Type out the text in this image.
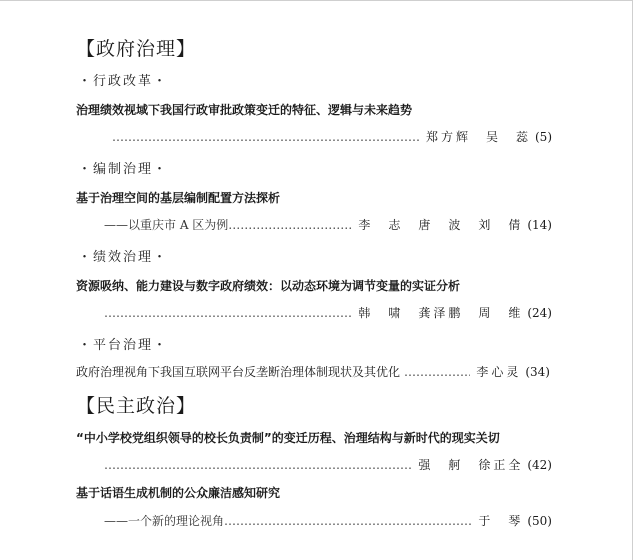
【政府治理】
・行政改革・
治理绩效视域下我国行政审批政策变迁的特征、逻辑与未来趋势
……………………………………………………………………………………………………………………………………………………………………………………
郑方辉　吴　蕊 (5)
・编制治理・
基于治理空间的基层编制配置方法探析
——以重庆市 A 区为例 ……………………………………………………………………………………………………………………………………………………………………………………	李　志　唐　波　刘　倩 (14)
・绩效治理・
资源吸纳、能力建设与数字政府绩效：以动态环境为调节变量的实证分析
……………………………………………………………………………………………………………………………………………………………………………………
韩　啸　龚泽鹏　周　维 (24)
・平台治理・
政府治理视角下我国互联网平台反垄断治理体制现状及其优化 ……………………………………………………………………………………………………………………………………………………………………………………	李心灵 (34)
【民主政治】
“中小学校党组织领导的校长负责制”的变迁历程、治理结构与新时代的现实关切
……………………………………………………………………………………………………………………………………………………………………………………
强　舸　徐正全 (42)
基于话语生成机制的公众廉洁感知研究
——一个新的理论视角 ……………………………………………………………………………………………………………………………………………………………………………………	于　琴 (50)
